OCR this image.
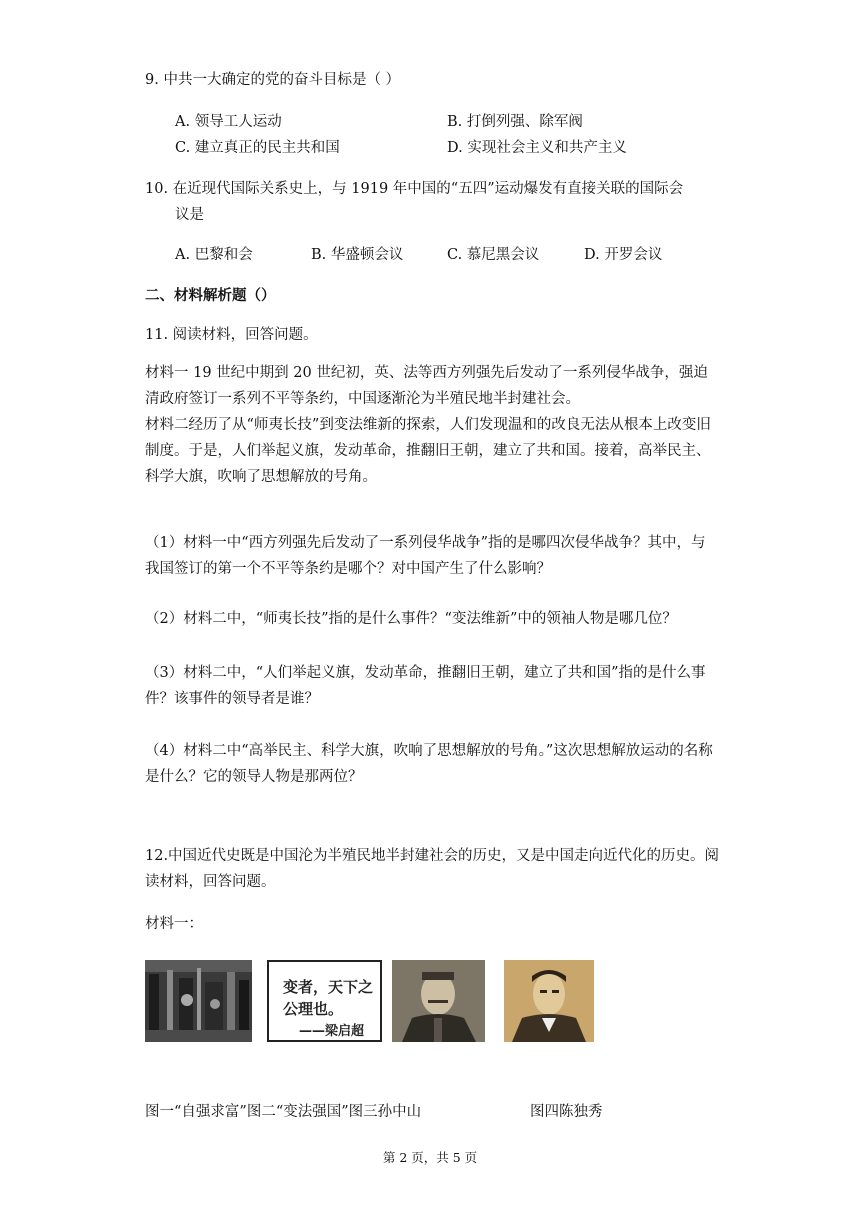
9. 中共一大确定的党的奋斗目标是（ ）
A. 领导工人运动	B. 打倒列强、除军阀
C. 建立真正的民主共和国	D. 实现社会主义和共产主义
10. 在近现代国际关系史上，与 1919 年中国的“五四”运动爆发有直接关联的国际会
议是
A. 巴黎和会	B. 华盛顿会议	C. 慕尼黑会议	D. 开罗会议
二、材料解析题（）
11. 阅读材料，回答问题。
材料一 19 世纪中期到 20 世纪初，英、法等西方列强先后发动了一系列侵华战争，强迫清政府签订一系列不平等条约，中国逐渐沦为半殖民地半封建社会。
材料二经历了从“师夷长技”到变法维新的探索，人们发现温和的改良无法从根本上改变旧制度。于是，人们举起义旗，发动革命，推翻旧王朝，建立了共和国。接着，高举民主、科学大旗，吹响了思想解放的号角。
（1）材料一中“西方列强先后发动了一系列侵华战争”指的是哪四次侵华战争？其中，与我国签订的第一个不平等条约是哪个？对中国产生了什么影响？
（2）材料二中，“师夷长技”指的是什么事件？“变法维新”中的领袖人物是哪几位？
（3）材料二中，“人们举起义旗，发动革命，推翻旧王朝，建立了共和国”指的是什么事件？该事件的领导者是谁？
（4）材料二中“高举民主、科学大旗，吹响了思想解放的号角。”这次思想解放运动的名称是什么？它的领导人物是那两位？
12.中国近代史既是中国沦为半殖民地半封建社会的历史，又是中国走向近代化的历史。阅读材料，回答问题。
材料一：
变者，天下之
公理也。
——梁启超
图一“自强求富”图二“变法强国”图三孙中山	图四陈独秀
第 2 页，共 5 页
